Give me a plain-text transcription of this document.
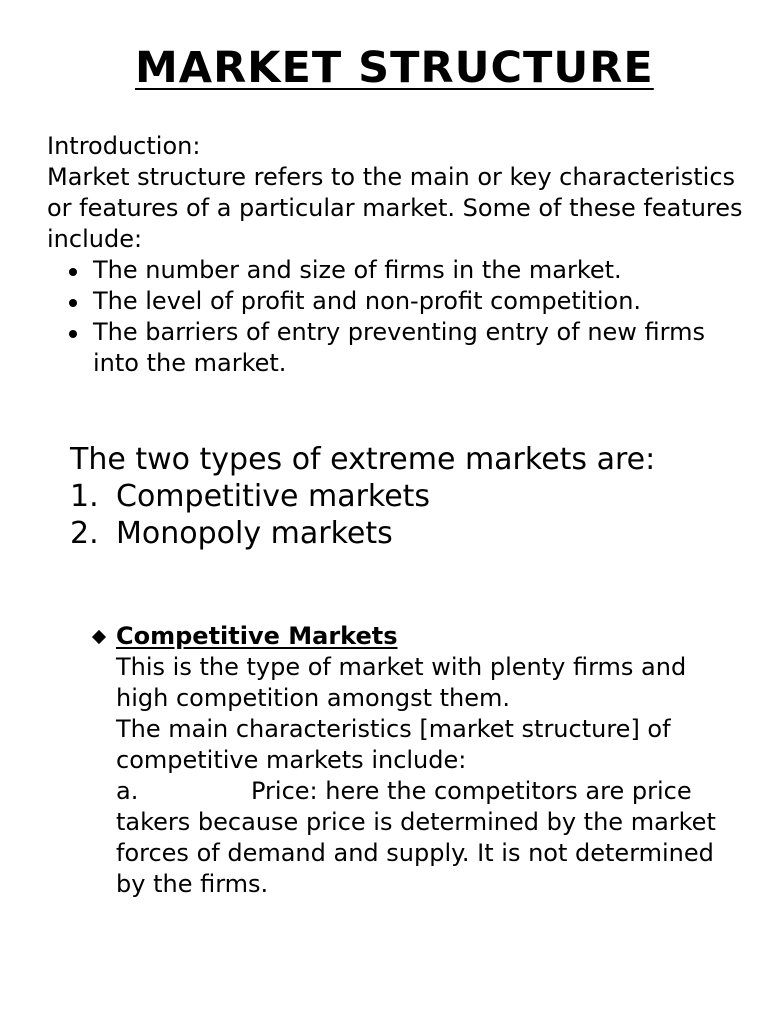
MARKET STRUCTURE

Introduction:

Market structure refers to the main or key characteristics or features of a particular market. Some of these features include:

The number and size of firms in the market.
The level of profit and non-profit competition.
The barriers of entry preventing entry of new firms into the market.

The two types of extreme markets are:

1. Competitive markets
2. Monopoly markets
Competitive Markets

This is the type of market with plenty firms and high competition amongst them.

The main characteristics [market structure] of competitive markets include:

a.	Price: here the competitors are price takers because price is determined by the market forces of demand and supply. It is not determined by the firms.
